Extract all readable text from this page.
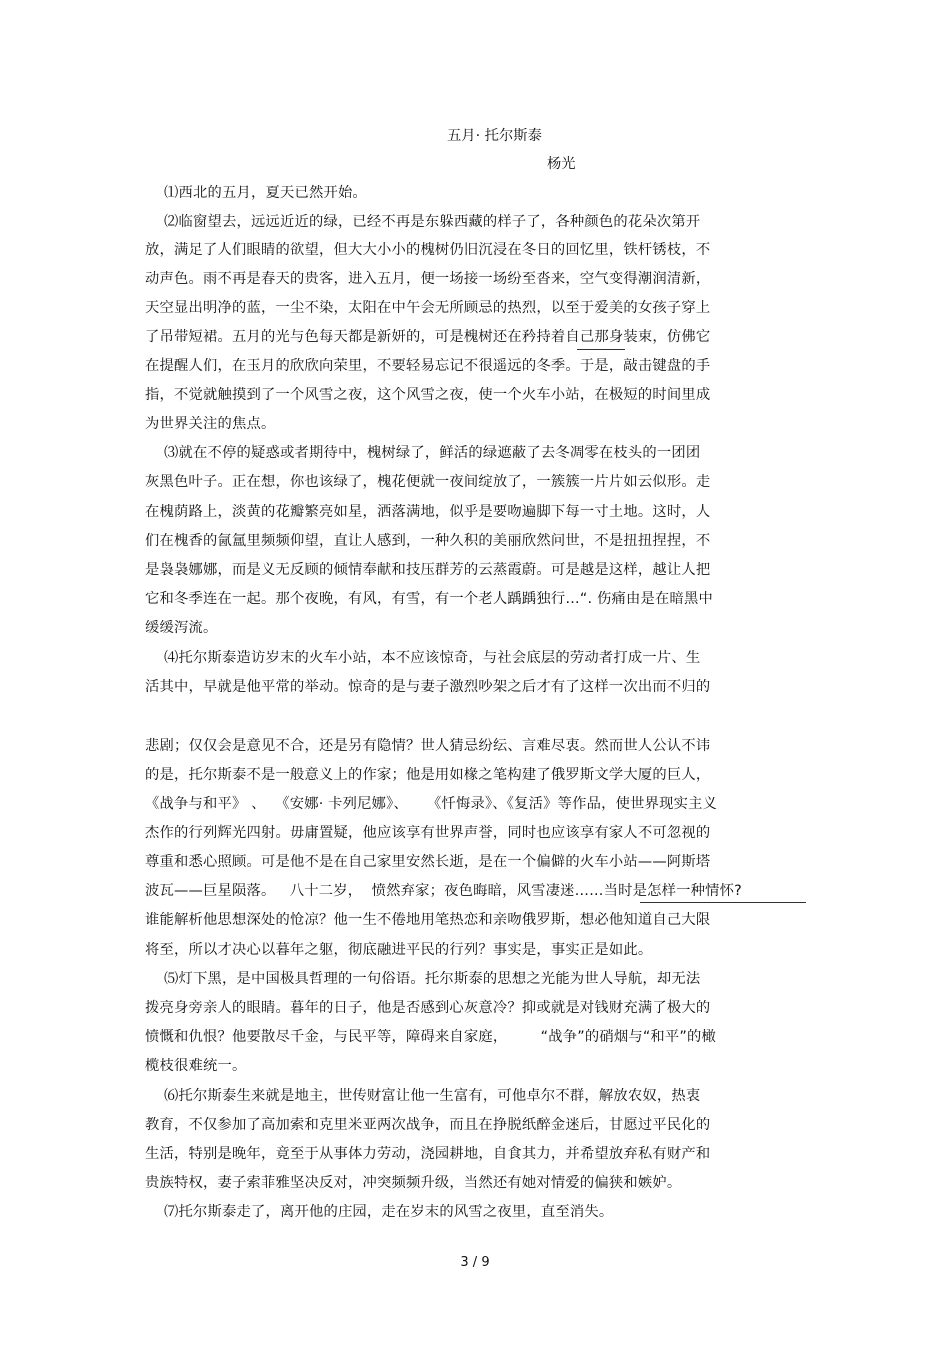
五月· 托尔斯泰
杨光
⑴西北的五月，夏天已然开始。
⑵临窗望去，远远近近的绿，已经不再是东躲西藏的样子了，各种颜色的花朵次第开
放，满足了人们眼睛的欲望，但大大小小的槐树仍旧沉浸在冬日的回忆里，铁杆锈枝，不
动声色。雨不再是春天的贵客，进入五月，便一场接一场纷至沓来，空气变得潮润清新，
天空显出明净的蓝，一尘不染，太阳在中午会无所顾忌的热烈，以至于爱美的女孩子穿上
了吊带短裙。五月的光与色每天都是新妍的，可是槐树还在矜持着自己那身装束，仿佛它
在提醒人们，在玉月的欣欣向荣里，不要轻易忘记不很遥远的冬季。于是，敲击键盘的手
指，不觉就触摸到了一个风雪之夜，这个风雪之夜，使一个火车小站，在极短的时间里成
为世界关注的焦点。
⑶就在不停的疑惑或者期待中，槐树绿了，鲜活的绿遮蔽了去冬凋零在枝头的一团团
灰黑色叶子。正在想，你也该绿了，槐花便就一夜间绽放了，一簇簇一片片如云似形。走
在槐荫路上，淡黄的花瓣繁亮如星，洒落满地，似乎是要吻遍脚下每一寸土地。这时，人
们在槐香的氤氲里频频仰望，直让人感到，一种久积的美丽欣然问世，不是扭扭捏捏，不
是袅袅娜娜，而是义无反顾的倾情奉献和技压群芳的云蒸霞蔚。可是越是这样，越让人把
它和冬季连在一起。那个夜晚，有风，有雪，有一个老人踽踽独行…“. 伤痛由是在暗黑中
缓缓泻流。
⑷托尔斯泰造访岁末的火车小站，本不应该惊奇，与社会底层的劳动者打成一片、生
活其中，早就是他平常的举动。惊奇的是与妻子激烈吵架之后才有了这样一次出而不归的
悲剧；仅仅会是意见不合，还是另有隐情？世人猜忌纷纭、言难尽衷。然而世人公认不讳
的是，托尔斯泰不是一般意义上的作家；他是用如椽之笔构建了俄罗斯文学大厦的巨人，
《战争与和平》 、  《安娜· 卡列尼娜》、    《忏悔录》、《复活》等作品，使世界现实主义
杰作的行列辉光四射。毋庸置疑，他应该享有世界声誉，同时也应该享有家人不可忽视的
尊重和悉心照顾。可是他不是在自己家里安然长逝，是在一个偏僻的火车小站——阿斯塔
波瓦——巨星陨落。   八十二岁，  愤然弃家；夜色晦暗，风雪凄迷……当时是怎样一种情怀?
谁能解析他思想深处的怆凉？他一生不倦地用笔热恋和亲吻俄罗斯，想必他知道自己大限
将至，所以才决心以暮年之躯，彻底融进平民的行列？事实是，事实正是如此。
⑸灯下黑，是中国极具哲理的一句俗语。托尔斯泰的思想之光能为世人导航，却无法
拨亮身旁亲人的眼睛。暮年的日子，他是否感到心灰意冷？抑或就是对钱财充满了极大的
愤慨和仇恨？他要散尽千金，与民平等，障碍来自家庭，       “战争”的硝烟与“和平”的橄
榄枝很难统一。
⑹托尔斯泰生来就是地主，世传财富让他一生富有，可他卓尔不群，解放农奴，热衷
教育，不仅参加了高加索和克里米亚两次战争，而且在挣脱纸醉金迷后，甘愿过平民化的
生活，特别是晚年，竟至于从事体力劳动，浇园耕地，自食其力，并希望放弃私有财产和
贵族特权，妻子索菲雅坚决反对，冲突频频升级，当然还有她对情爱的偏狭和嫉妒。
⑺托尔斯泰走了，离开他的庄园，走在岁末的风雪之夜里，直至消失。
3 / 9
